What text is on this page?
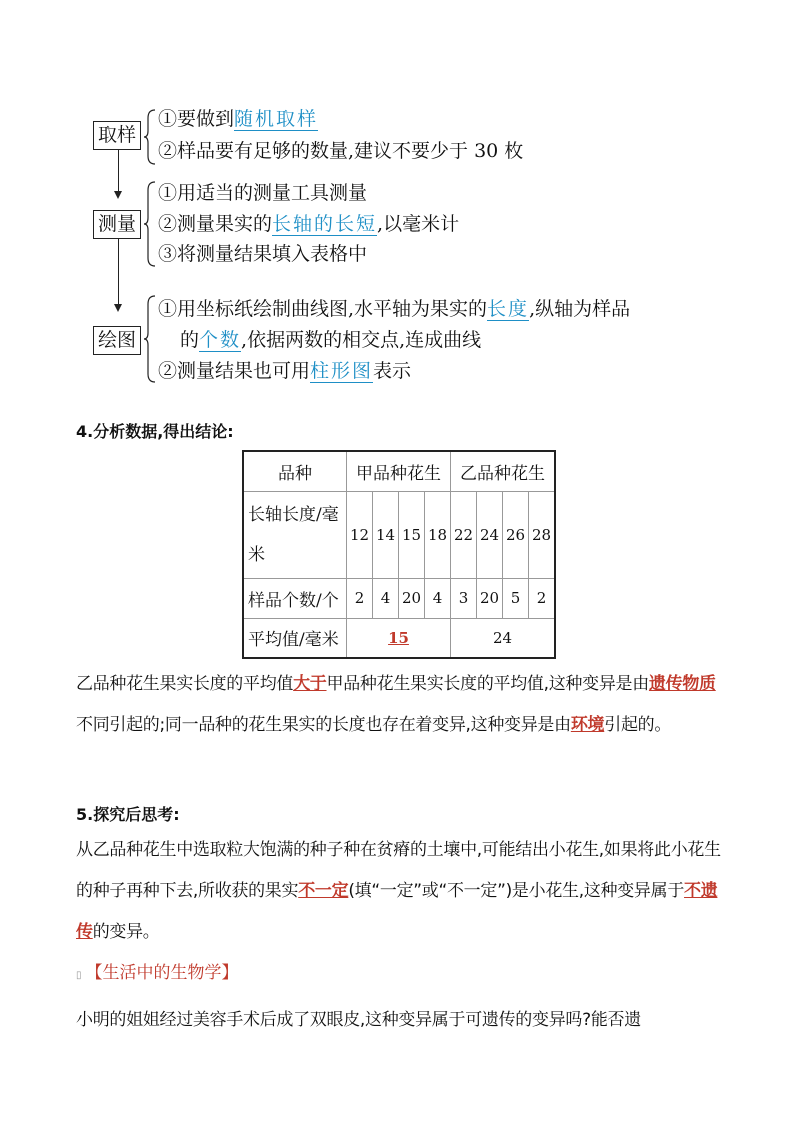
取样
①要做到随机取样
②样品要有足够的数量,建议不要少于 30 枚
测量
①用适当的测量工具测量
②测量果实的长轴的长短,以毫米计
③将测量结果填入表格中
绘图
①用坐标纸绘制曲线图,水平轴为果实的长度,纵轴为样品
的个数,依据两数的相交点,连成曲线
②测量结果也可用柱形图表示
4.分析数据,得出结论:
品种	甲品种花生				乙品种花生			
长轴长度/毫米	12	14	15	18	22	24	26	28
样品个数/个	2	4	20	4	3	20	5	2
平均值/毫米	15				24			
乙品种花生果实长度的平均值大于甲品种花生果实长度的平均值,这种变异是由遗传物质不同引起的;同一品种的花生果实的长度也存在着变异,这种变异是由环境引起的。
5.探究后思考:
从乙品种花生中选取粒大饱满的种子种在贫瘠的土壤中,可能结出小花生,如果将此小花生的种子再种下去,所收获的果实不一定(填“一定”或“不一定”)是小花生,这种变异属于不遗传的变异。
▯ 【生活中的生物学】
小明的姐姐经过美容手术后成了双眼皮,这种变异属于可遗传的变异吗?能否遗
